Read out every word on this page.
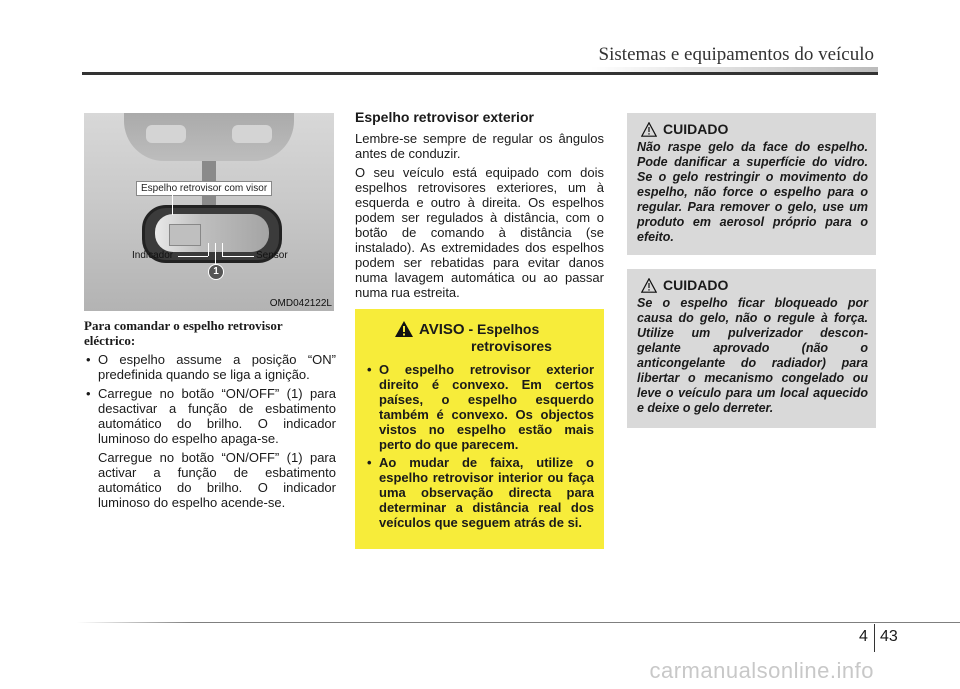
Sistemas e equipamentos do veículo
Espelho retrovisor com visor
Indicador	Sensor
1
OMD042122L
Para comandar o espelho retrovisor eléctrico:
• O espelho assume a posição “ON” predefinida quando se liga a ignição.
• Carregue no botão “ON/OFF” (1) para desactivar a função de esbatimento automático do brilho. O indicador luminoso do espelho apaga-se.
Carregue no botão “ON/OFF” (1) para activar a função de esbatimento automático do brilho. O indicador luminoso do espelho acende-se.
Espelho retrovisor exterior

Lembre-se sempre de regular os ângulos antes de conduzir.

O seu veículo está equipado com dois espelhos retrovisores exteriores, um à esquerda e outro à direita. Os espelhos podem ser regulados à distância, com o botão de comando à distância (se instalado). As extremidades dos espelhos podem ser rebatidas para evitar danos numa lavagem automática ou ao passar numa rua estreita.

AVISO - Espelhos
retrovisores
• O espelho retrovisor exterior direito é convexo. Em certos países, o espelho esquerdo também é convexo. Os objectos vistos no espelho estão mais perto do que parecem.
• Ao mudar de faixa, utilize o espelho retrovisor interior ou faça uma observação directa para determinar a distância real dos veículos que seguem atrás de si.
CUIDADO

Não raspe gelo da face do espelho. Pode danificar a superfície do vidro. Se o gelo restringir o movimento do espelho, não force o espelho para o regular. Para remover o gelo, use um produto em aerosol próprio para o efeito.

CUIDADO

Se o espelho ficar bloqueado por causa do gelo, não o regule à força. Utilize um pulverizador descon-gelante aprovado (não o anticongelante do radiador) para libertar o mecanismo congelado ou leve o veículo para um local aquecido e deixe o gelo derreter.

4 43
carmanualsonline.info
